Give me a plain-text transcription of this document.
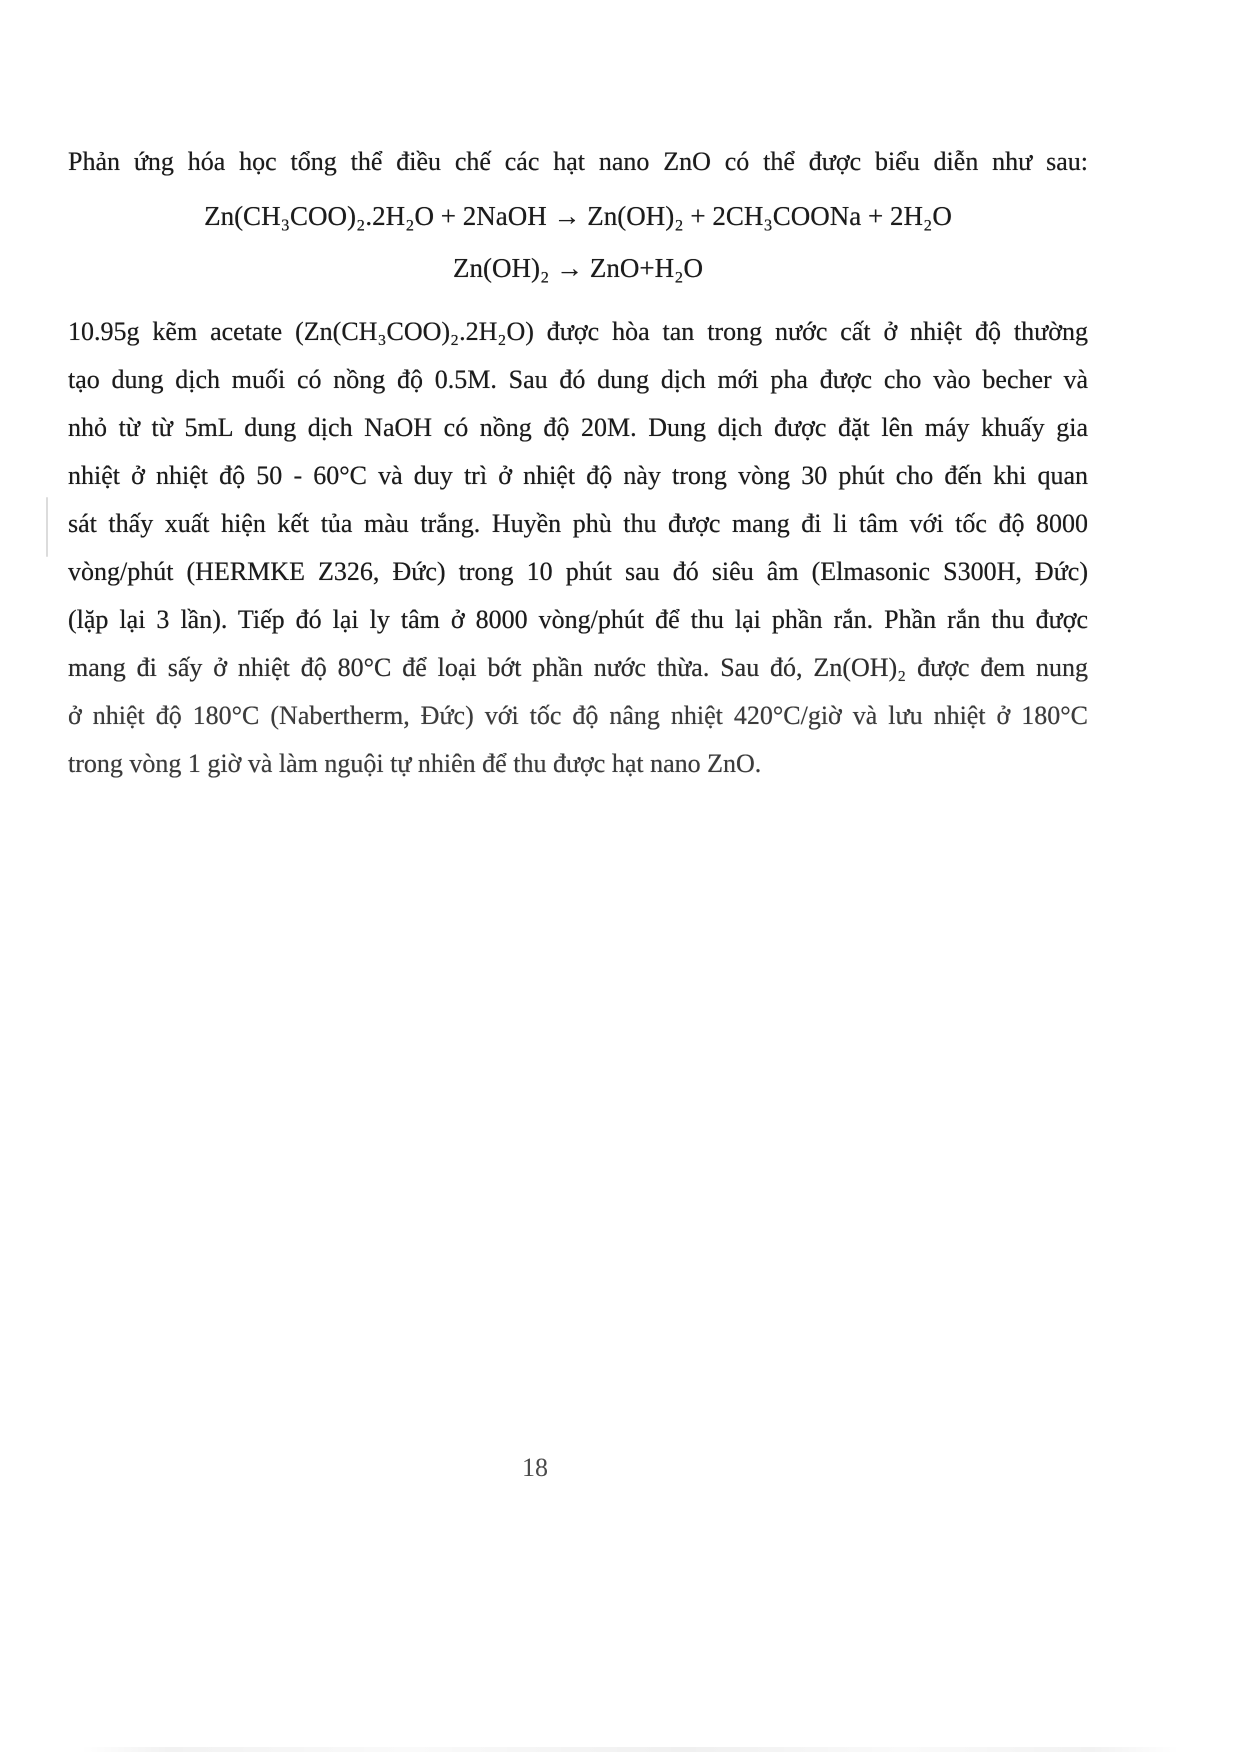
Phản ứng hóa học tổng thể điều chế các hạt nano ZnO có thể được biểu diễn như sau:
Zn(CH₃COO)₂.2H₂O + 2NaOH → Zn(OH)₂ + 2CH₃COONa + 2H₂O
Zn(OH)₂ → ZnO+H₂O
10.95g kẽm acetate (Zn(CH₃COO)₂.2H₂O) được hòa tan trong nước cất ở nhiệt độ thường
tạo dung dịch muối có nồng độ 0.5M. Sau đó dung dịch mới pha được cho vào becher và
nhỏ từ từ 5mL dung dịch NaOH có nồng độ 20M. Dung dịch được đặt lên máy khuấy gia
nhiệt ở nhiệt độ 50 - 60°C và duy trì ở nhiệt độ này trong vòng 30 phút cho đến khi quan
sát thấy xuất hiện kết tủa màu trắng. Huyền phù thu được mang đi li tâm với tốc độ 8000
vòng/phút (HERMKE Z326, Đức) trong 10 phút sau đó siêu âm (Elmasonic S300H, Đức)
(lặp lại 3 lần). Tiếp đó lại ly tâm ở 8000 vòng/phút để thu lại phần rắn. Phần rắn thu được
mang đi sấy ở nhiệt độ 80°C để loại bớt phần nước thừa. Sau đó, Zn(OH)₂ được đem nung
ở nhiệt độ 180°C (Nabertherm, Đức) với tốc độ nâng nhiệt 420°C/giờ và lưu nhiệt ở 180°C
trong vòng 1 giờ và làm nguội tự nhiên để thu được hạt nano ZnO.
18
